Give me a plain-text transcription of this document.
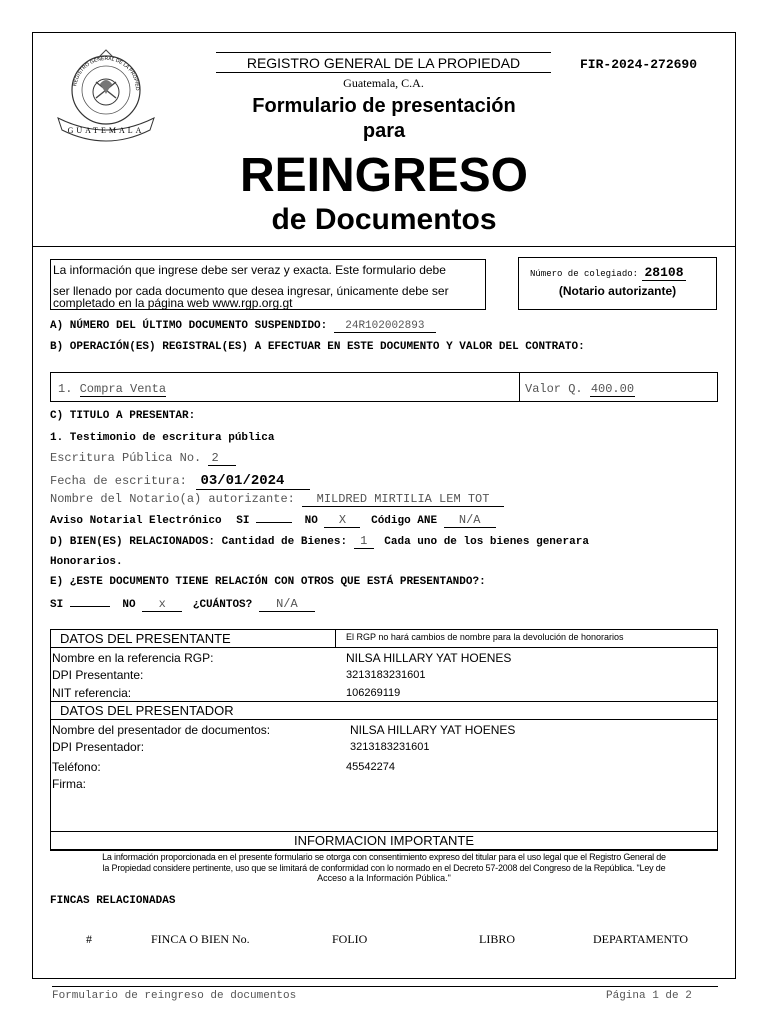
GUATEMALA
REGISTRO GENERAL DE LA PROPIED
REGISTRO GENERAL DE LA PROPIEDAD
Guatemala, C.A.
FIR-2024-272690
Formulario de presentación
para
REINGRESO
de Documentos
La información que ingrese debe ser veraz y exacta. Este formulario debe
ser llenado por cada documento que desea ingresar, únicamente debe ser
completado en la página web www.rgp.org.gt
Número de colegiado: 28108
(Notario autorizante)
A) NÚMERO DEL ÚLTIMO DOCUMENTO SUSPENDIDO: 24R102002893
B) OPERACIÓN(ES) REGISTRAL(ES) A EFECTUAR EN ESTE DOCUMENTO Y VALOR DEL CONTRATO:
1. Compra Venta	Valor Q. 400.00
C) TITULO A PRESENTAR:
1. Testimonio de escritura pública
Escritura Pública No. 2
Fecha de escritura: 03/01/2024
Nombre del Notario(a) autorizante: MILDRED MIRTILIA LEM TOT
Aviso Notarial Electrónico SI	NO X Código ANE N/A
D) BIEN(ES) RELACIONADOS: Cantidad de Bienes: 1 Cada uno de los bienes generara
Honorarios.
E) ¿ESTE DOCUMENTO TIENE RELACIÓN CON OTROS QUE ESTÁ PRESENTANDO?:
SI	NO x ¿CUÁNTOS? N/A
DATOS DEL PRESENTANTE	El RGP no hará cambios de nombre para la devolución de honorarios
Nombre en la referencia RGP:	NILSA HILLARY YAT HOENES
DPI Presentante:	3213183231601
NIT referencia:	106269119
DATOS DEL PRESENTADOR
Nombre del presentador de documentos:	NILSA HILLARY YAT HOENES
DPI Presentador:	3213183231601
Teléfono:	45542274
Firma:
INFORMACION IMPORTANTE
La información proporcionada en el presente formulario se otorga con consentimiento expreso del titular para el uso legal que el Registro General de
la Propiedad considere pertinente, uso que se limitará de conformidad con lo normado en el Decreto 57-2008 del Congreso de la República. "Ley de
Acceso a la Información Pública."
FINCAS RELACIONADAS
#	FINCA O BIEN No.	FOLIO	LIBRO	DEPARTAMENTO
Formulario de reingreso de documentos	Página 1 de 2
